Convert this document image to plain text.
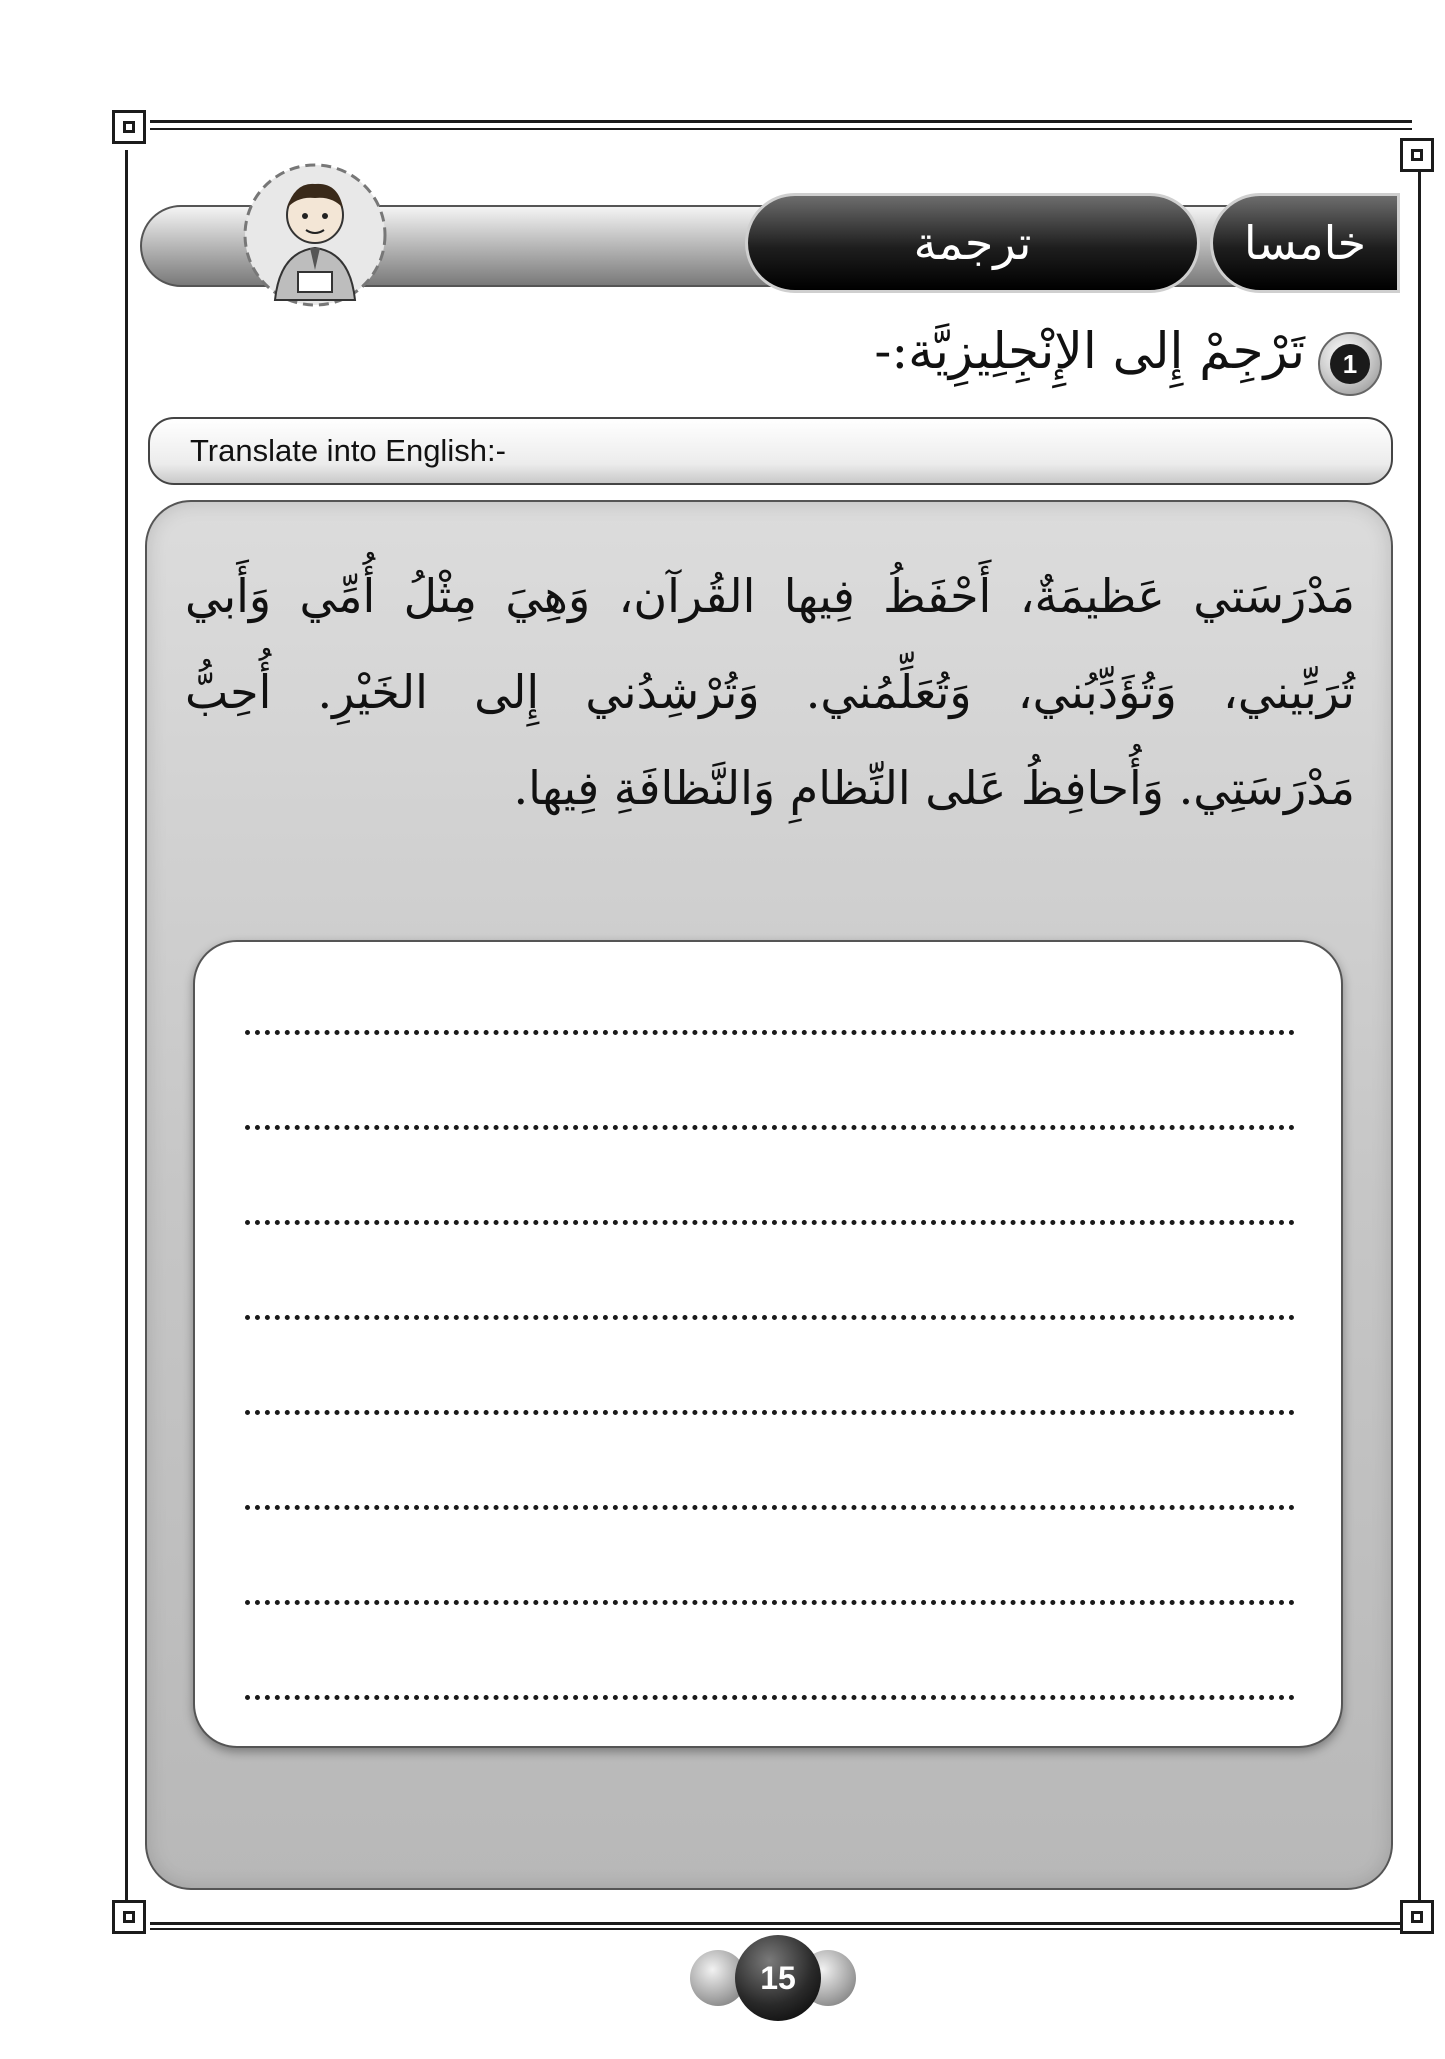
ترجمة	خامسا
1
تَرْجِمْ إِلى الإِنْجِلِيزِيَّة:-
Translate into English:-
مَدْرَسَتي عَظيمَةٌ، أَحْفَظُ فِيها القُرآن، وَهِيَ مِثْلُ أُمِّي وَأَبي تُرَبِّيني، وَتُؤَدِّبُني، وَتُعَلِّمُني. وَتُرْشِدُني إِلى الخَيْرِ. أُحِبُّ مَدْرَسَتِي. وَأُحافِظُ عَلى النِّظامِ وَالنَّظافَةِ فِيها.
15
